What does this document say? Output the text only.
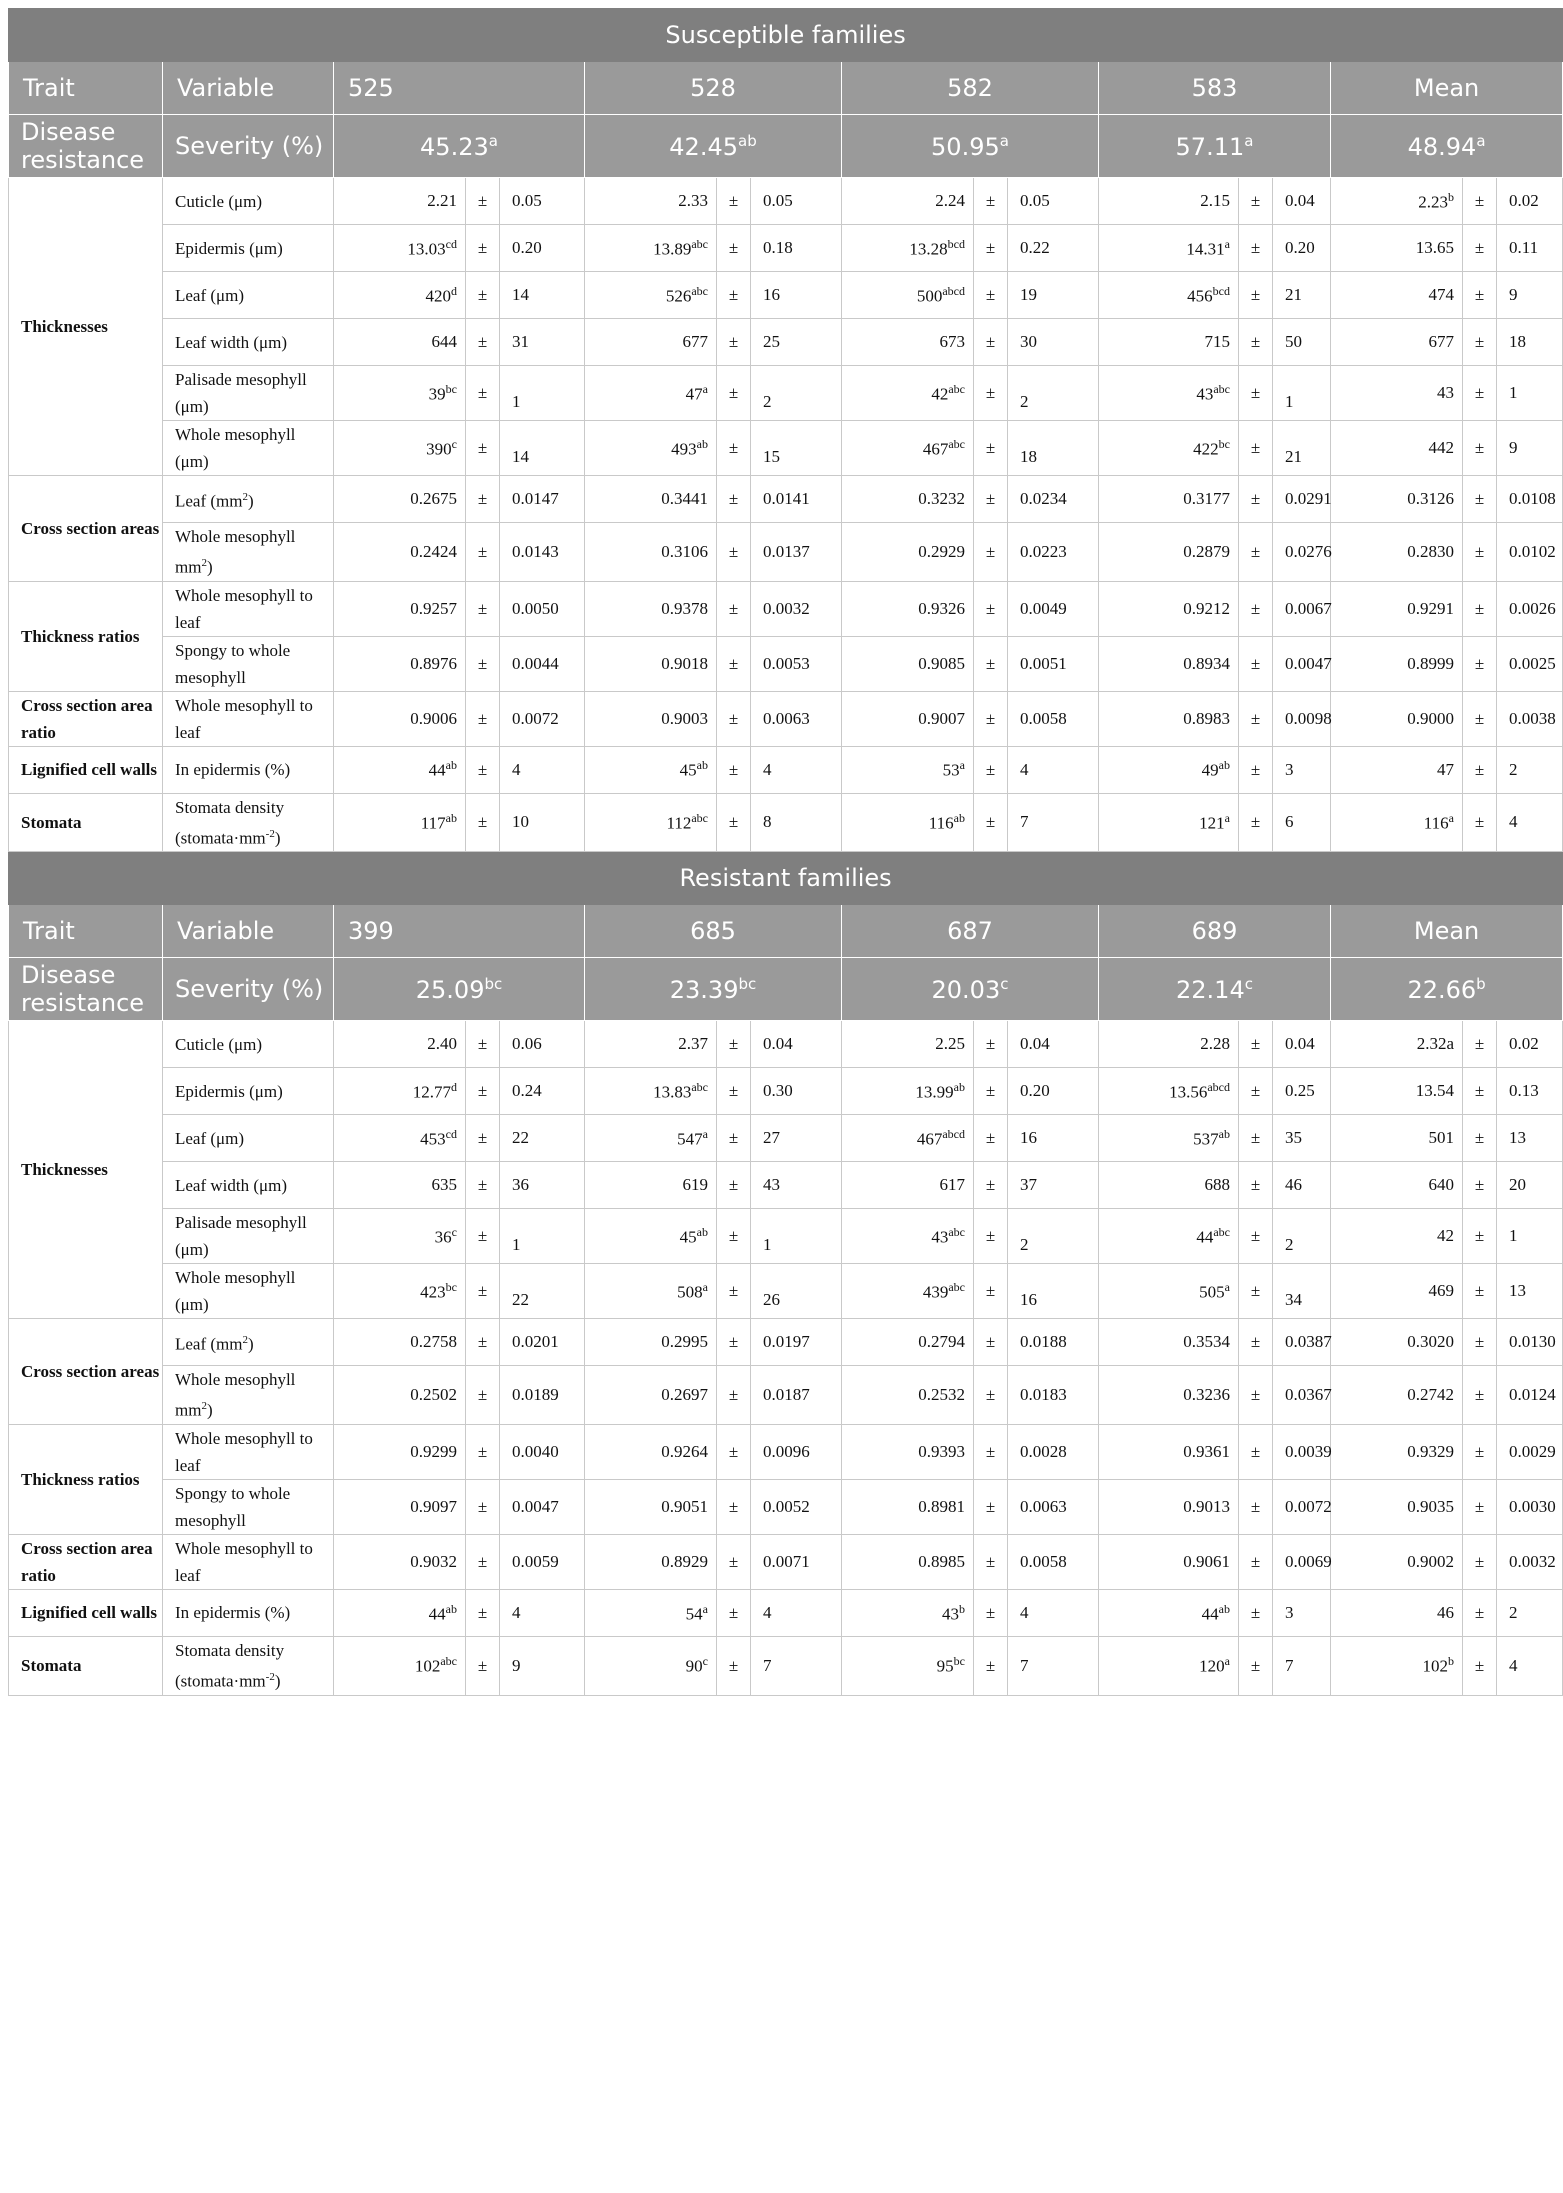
Susceptible families																
Trait	Variable	525			528			582			583			Mean		
Disease resistance	Severity (%)	45.23$^a$			42.45$^{ab}$			50.95$^a$			57.11$^a$			48.94$^a$
Thicknesses	Cuticle (μm)	2.21	±	0.05	2.33	±	0.05	2.24	±	0.05	2.15	±	0.04	2.23$^b$	±	0.02
	Epidermis (μm)	13.03$^{cd}$	±	0.20	13.89$^{abc}$	±	0.18	13.28$^{bcd}$	±	0.22	14.31$^a$	±	0.20	13.65	±	0.11
	Leaf (μm)	$420^d$	±	14	$526^{abc}$	±	16	$500^{abcd}$	±	19	$456^{bcd}$	±	21	474	±	9
	Leaf width (μm)	644	±	31	677	±	25	673	±	30	715	±	50	677	±	18
	Palisade mesophyll (μm)	$39^{bc}$	±	1	$47^a$	±	2	$42^{abc}$	±	2	$43^{abc}$	±	1	43	±	1
	Whole mesophyll (μm)	$390^c$	±	14	$493^{ab}$	±	15	$467^{abc}$	±	18	$422^{bc}$	±	21	442	±	9
Cross section areas	Leaf $(mm^2)$	0.2675	±	0.0147	0.3441	±	0.0141	0.3232	±	0.0234	0.3177	±	0.0291	0.3126	±	0.0108
	Whole mesophyll $mm^2$)	0.2424	±	0.0143	0.3106	±	0.0137	0.2929	±	0.0223	0.2879	±	0.0276	0.2830	±	0.0102
Thickness ratios	Whole mesophyll to leaf	0.9257	±	0.0050	0.9378	±	0.0032	0.9326	±	0.0049	0.9212	±	0.0067	0.9291	±	0.0026
	Spongy to whole mesophyll	0.8976	±	0.0044	0.9018	±	0.0053	0.9085	±	0.0051	0.8934	±	0.0047	0.8999	±	0.0025
Cross section area ratio	Whole mesophyll to leaf	0.9006	±	0.0072	0.9003	±	0.0063	0.9007	±	0.0058	0.8983	±	0.0098	0.9000	±	0.0038
Lignified cell walls	In epidermis (%)	$44^{ab}$	±	4	$45^{ab}$	±	4	$53^a$	±	4	$49^{ab}$	±	3	47	±	2
Stomata	Stomata density $(stomata\cdot mm^{-2})$	$117^{ab}$	±	10	$112^{abc}$	±	8	$116^{ab}$	±	7	$121^a$	±	6	$116^a$	±	4
Resistant families																
Trait	Variable	399			685			687			689			Mean		
Disease resistance	Severity (%)	25.09$^{bc}$			23.39$^{bc}$			20.03$^c$			22.14$^c$			22.66$^b$
Thicknesses	Cuticle (μm)	2.40	±	0.06	2.37	±	0.04	2.25	±	0.04	2.28	±	0.04	2.32a	±	0.02
	Epidermis (μm)	12.77$^d$	±	0.24	13.83$^{abc}$	±	0.30	13.99$^{ab}$	±	0.20	$13.56^{abcd}$	±	0.25	13.54	±	0.13
	Leaf (μm)	$453^{cd}$	±	22	$547^a$	±	27	$467^{abcd}$	±	16	$537^{ab}$	±	35	501	±	13
	Leaf width (μm)	635	±	36	619	±	43	617	±	37	688	±	46	640	±	20
	Palisade mesophyll (μm)	$36^c$	±	1	$45^{ab}$	±	1	$43^{abc}$	±	2	$44^{abc}$	±	2	42	±	1
	Whole mesophyll (μm)	$423^{bc}$	±	22	$508^a$	±	26	$439^{abc}$	±	16	$505^a$	±	34	469	±	13
Cross section areas	Leaf $(mm^2)$	0.2758	±	0.0201	0.2995	±	0.0197	0.2794	±	0.0188	0.3534	±	0.0387	0.3020	±	0.0130
	Whole mesophyll $mm^2$)	0.2502	±	0.0189	0.2697	±	0.0187	0.2532	±	0.0183	0.3236	±	0.0367	0.2742	±	0.0124
Thickness ratios	Whole mesophyll to leaf	0.9299	±	0.0040	0.9264	±	0.0096	0.9393	±	0.0028	0.9361	±	0.0039	0.9329	±	0.0029
	Spongy to whole mesophyll	0.9097	±	0.0047	0.9051	±	0.0052	0.8981	±	0.0063	0.9013	±	0.0072	0.9035	±	0.0030
Cross section area ratio	Whole mesophyll to leaf	0.9032	±	0.0059	0.8929	±	0.0071	0.8985	±	0.0058	0.9061	±	0.0069	0.9002	±	0.0032
Lignified cell walls	In epidermis (%)	$44^{ab}$	±	4	$54^a$	±	4	$43^b$	±	4	$44^{ab}$	±	3	46	±	2
Stomata	Stomata density $(stomata\cdot mm^{-2})$	$102^{abc}$	±	9	$90^c$	±	7	$95^{bc}$	±	7	$120^a$	±	7	$102^b$	±	4
